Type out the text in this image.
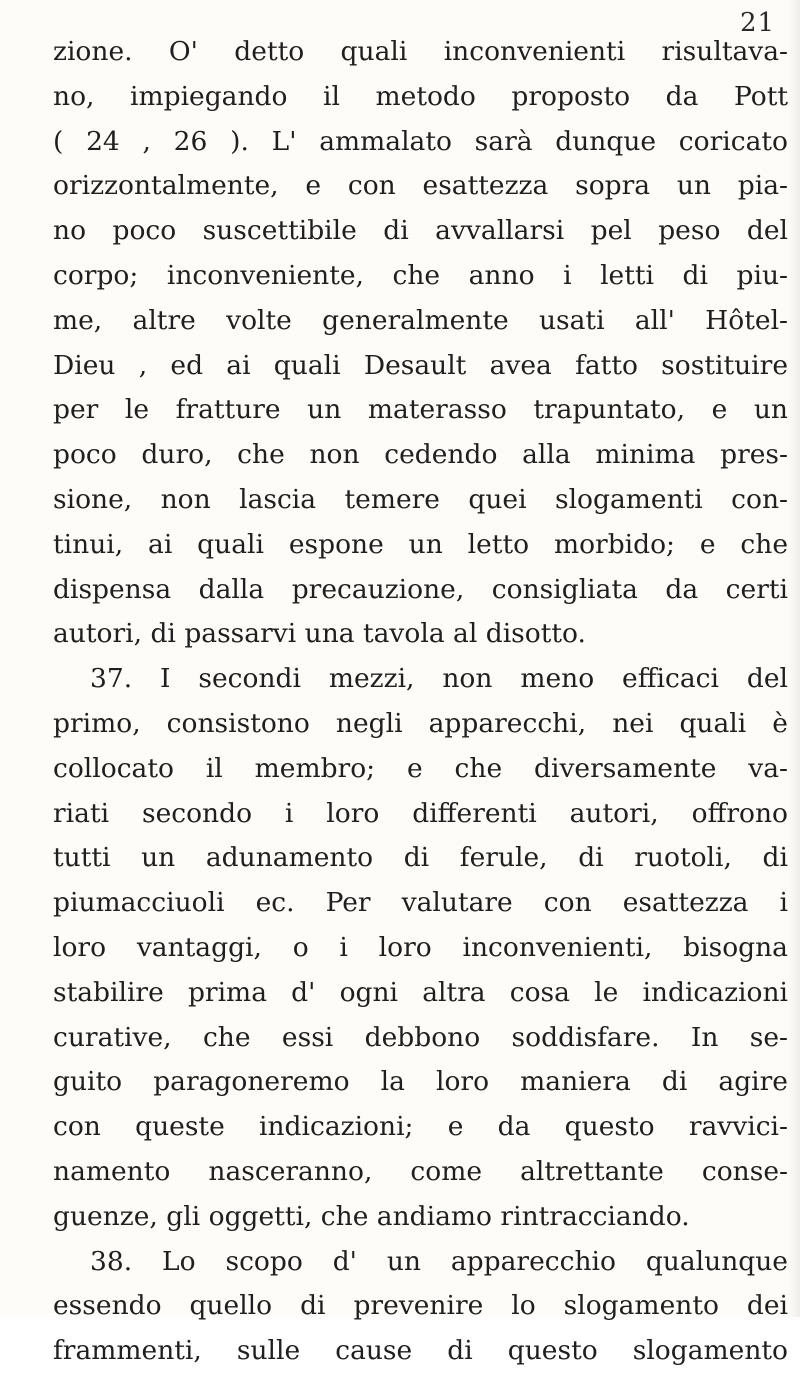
21
zione. O' detto quali inconvenienti risultava-
no, impiegando il metodo proposto da Pott
( 24 , 26 ). L' ammalato sarà dunque coricato
orizzontalmente, e con esattezza sopra un pia-
no poco suscettibile di avvallarsi pel peso del
corpo; inconveniente, che anno i letti di piu-
me, altre volte generalmente usati all' Hôtel-
Dieu , ed ai quali Desault avea fatto sostituire
per le fratture un materasso trapuntato, e un
poco duro, che non cedendo alla minima pres-
sione, non lascia temere quei slogamenti con-
tinui, ai quali espone un letto morbido; e che
dispensa dalla precauzione, consigliata da certi
autori, di passarvi una tavola al disotto.
37. I secondi mezzi, non meno efficaci del
primo, consistono negli apparecchi, nei quali è
collocato il membro; e che diversamente va-
riati secondo i loro differenti autori, offrono
tutti un adunamento di ferule, di ruotoli, di
piumacciuoli ec. Per valutare con esattezza i
loro vantaggi, o i loro inconvenienti, bisogna
stabilire prima d' ogni altra cosa le indicazioni
curative, che essi debbono soddisfare. In se-
guito paragoneremo la loro maniera di agire
con queste indicazioni; e da questo ravvici-
namento nasceranno, come altrettante conse-
guenze, gli oggetti, che andiamo rintracciando.
38. Lo scopo d' un apparecchio qualunque
essendo quello di prevenire lo slogamento dei
frammenti, sulle cause di questo slogamento
